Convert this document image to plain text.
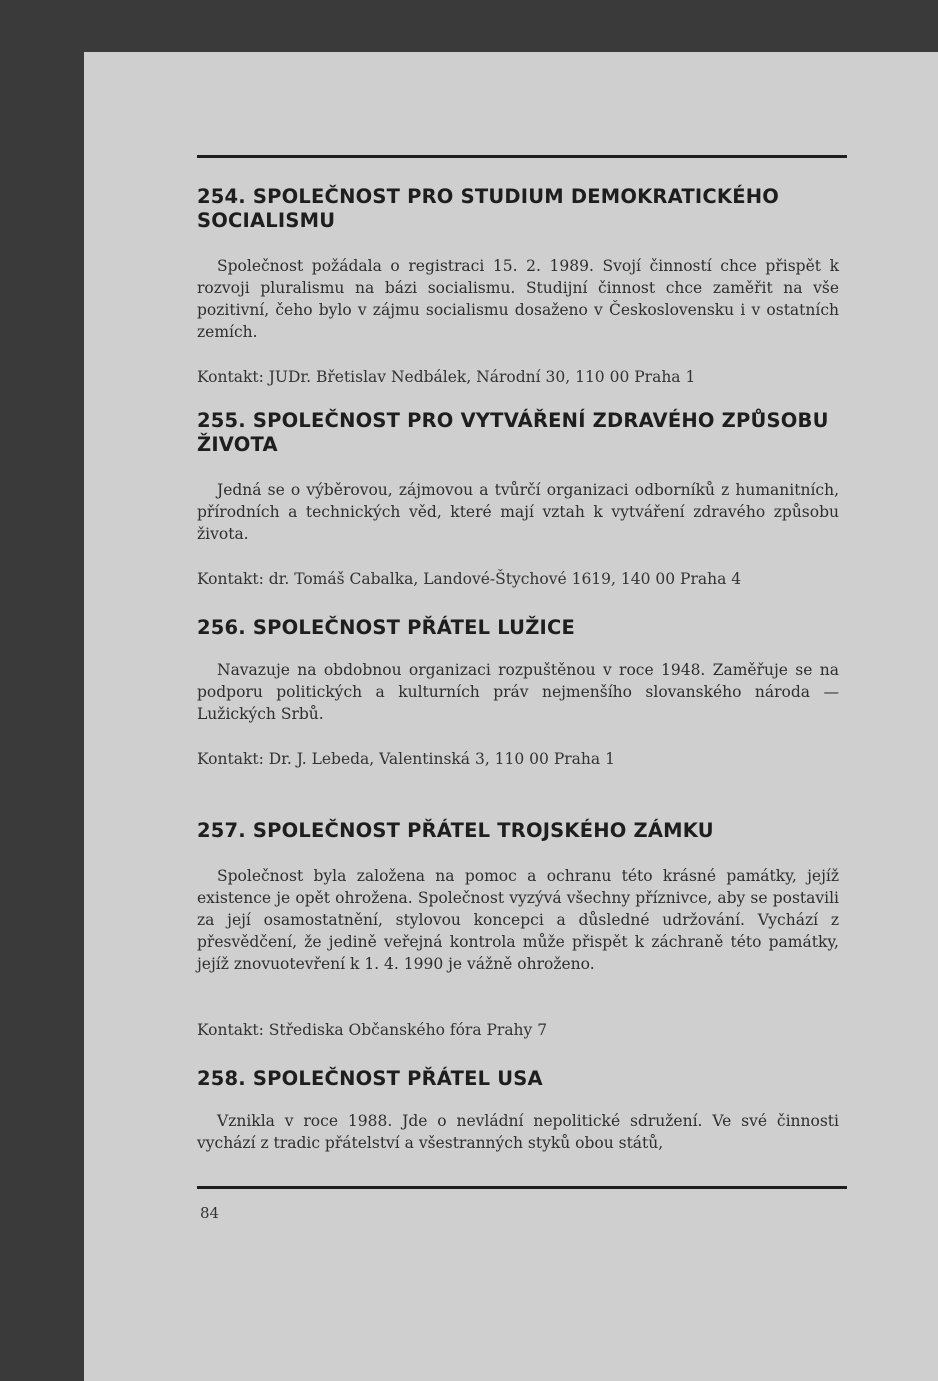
254. SPOLEČNOST PRO STUDIUM DEMOKRATICKÉHO SOCIALISMU

Společnost požádala o registraci 15. 2. 1989. Svojí činností chce přispět k rozvoji pluralismu na bázi socialismu. Studijní činnost chce zaměřit na vše pozitivní, čeho bylo v zájmu socialismu dosaženo v Československu i v ostatních zemích.

Kontakt: JUDr. Břetislav Nedbálek, Národní 30, 110 00 Praha 1

255. SPOLEČNOST PRO VYTVÁŘENÍ ZDRAVÉHO ZPŮSOBU ŽIVOTA

Jedná se o výběrovou, zájmovou a tvůrčí organizaci odborníků z humanitních, přírodních a technických věd, které mají vztah k vytváření zdravého způsobu života.

Kontakt: dr. Tomáš Cabalka, Landové-Štychové 1619, 140 00 Praha 4

256. SPOLEČNOST PŘÁTEL LUŽICE

Navazuje na obdobnou organizaci rozpuštěnou v roce 1948. Zaměřuje se na podporu politických a kulturních práv nejmenšího slovanského národa — Lužických Srbů.

Kontakt: Dr. J. Lebeda, Valentinská 3, 110 00 Praha 1

257. SPOLEČNOST PŘÁTEL TROJSKÉHO ZÁMKU

Společnost byla založena na pomoc a ochranu této krásné památky, jejíž existence je opět ohrožena. Společnost vyzývá všechny příznivce, aby se postavili za její osamostatnění, stylovou koncepci a důsledné udržování. Vychází z přesvědčení, že jedině veřejná kontrola může přispět k záchraně této památky, jejíž znovuotevření k 1. 4. 1990 je vážně ohroženo.

Kontakt: Střediska Občanského fóra Prahy 7

258. SPOLEČNOST PŘÁTEL USA

Vznikla v roce 1988. Jde o nevládní nepolitické sdružení. Ve své činnosti vychází z tradic přátelství a všestranných styků obou států,

84
